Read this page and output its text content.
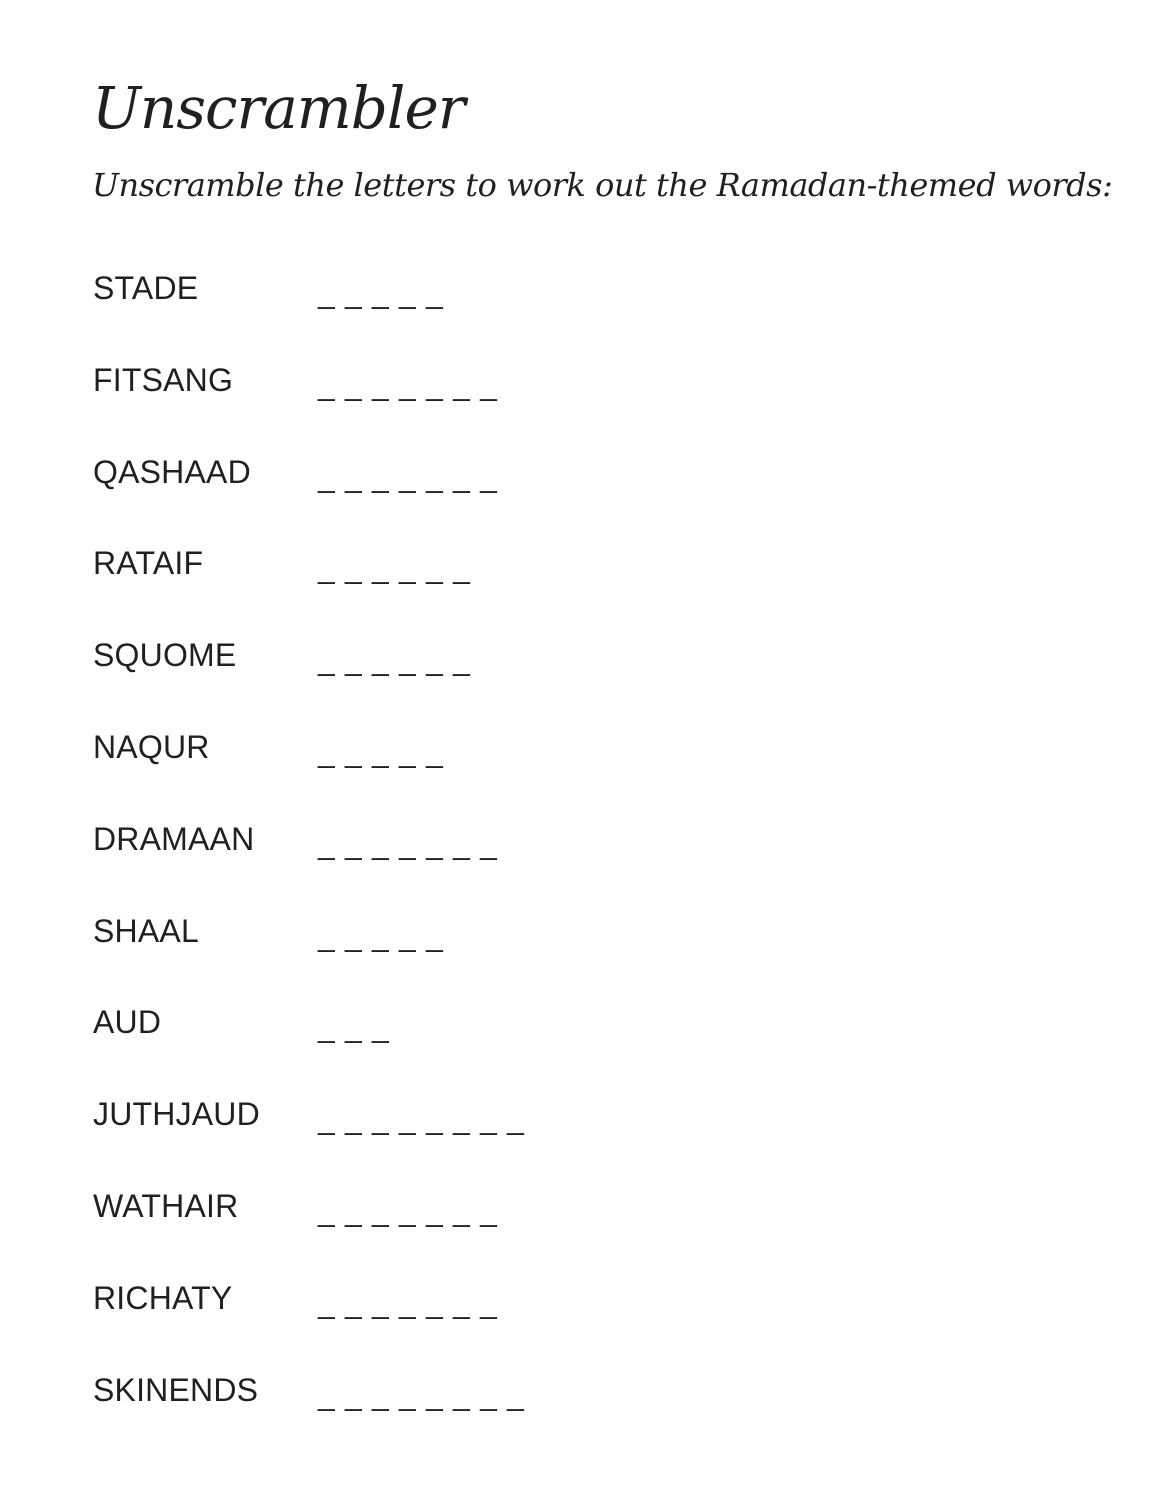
Unscrambler

Unscramble the letters to work out the Ramadan-themed words:

STADE	_ _ _ _ _
FITSANG	_ _ _ _ _ _ _
QASHAAD _ _ _ _ _ _ _
RATAIF	_ _ _ _ _ _
SQUOME	_ _ _ _ _ _
NAQUR	_ _ _ _ _
DRAMAAN _ _ _ _ _ _ _
SHAAL	_ _ _ _ _
AUD	_ _ _
JUTHJAUD _ _ _ _ _ _ _ _
WATHAIR	_ _ _ _ _ _ _
RICHATY	_ _ _ _ _ _ _
SKINENDS _ _ _ _ _ _ _ _
